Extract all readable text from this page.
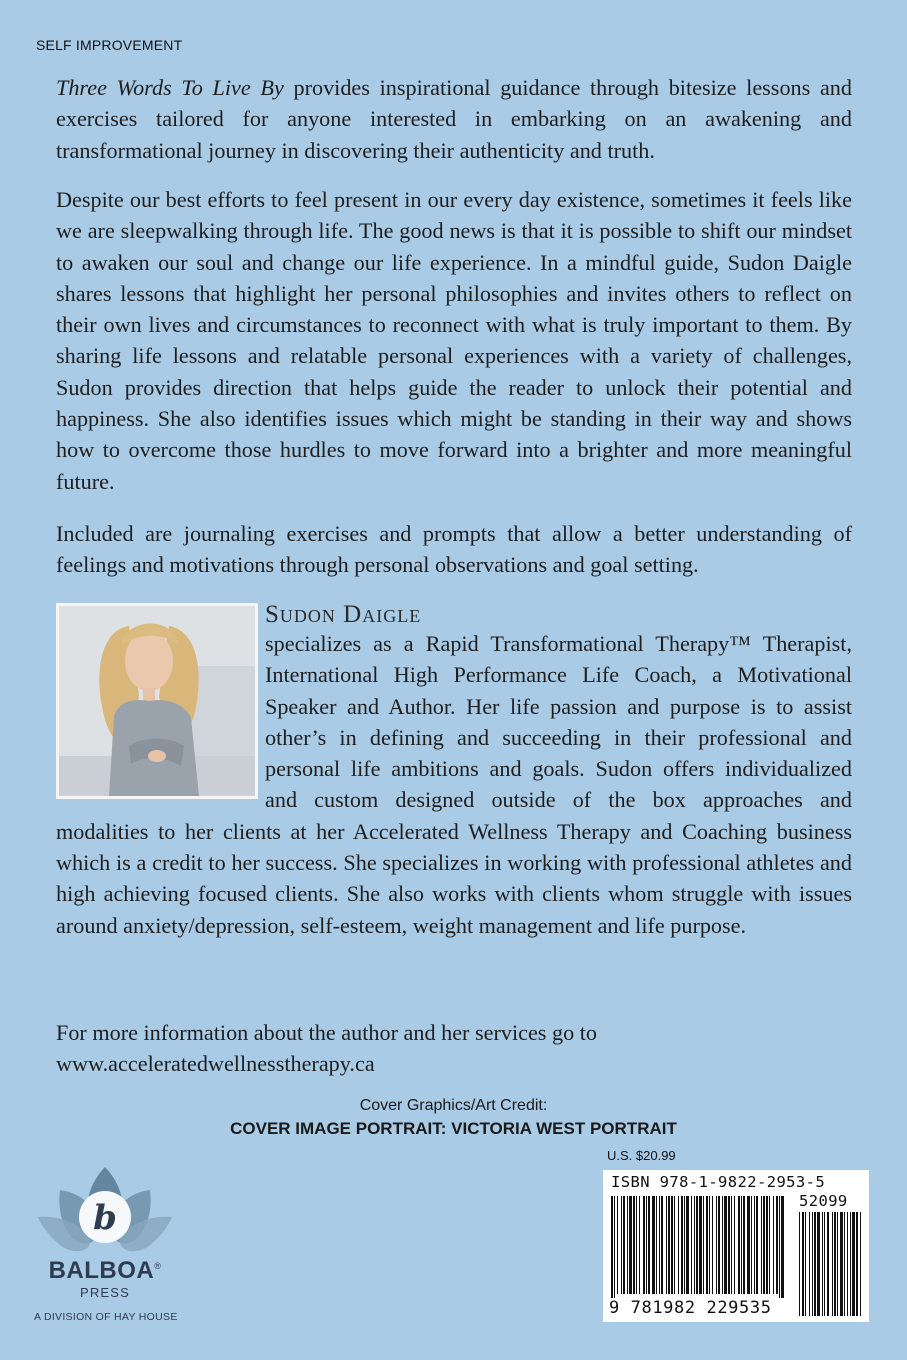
SELF IMPROVEMENT

Three Words To Live By provides inspirational guidance through bitesize lessons and exercises tailored for anyone interested in embarking on an awakening and transformational journey in discovering their authenticity and truth.

Despite our best efforts to feel present in our every day existence, sometimes it feels like we are sleepwalking through life. The good news is that it is possible to shift our mindset to awaken our soul and change our life experience. In a mindful guide, Sudon Daigle shares lessons that highlight her personal philosophies and invites others to reflect on their own lives and circumstances to reconnect with what is truly important to them. By sharing life lessons and relatable personal experiences with a variety of challenges, Sudon provides direction that helps guide the reader to unlock their potential and happiness. She also identifies issues which might be standing in their way and shows how to overcome those hurdles to move forward into a brighter and more meaningful future.

Included are journaling exercises and prompts that allow a better understanding of feelings and motivations through personal observations and goal setting.

Sudon Daigle

specializes as a Rapid Transformational Therapy™ Therapist, International High Performance Life Coach, a Motivational Speaker and Author. Her life passion and purpose is to assist other’s in defining and succeeding in their professional and personal life ambitions and goals. Sudon offers individualized and custom designed outside of the box approaches and modalities to her clients at her Accelerated Wellness Therapy and Coaching business which is a credit to her success. She specializes in working with professional athletes and high achieving focused clients. She also works with clients whom struggle with issues around anxiety/depression, self-esteem, weight management and life purpose.

For more information about the author and her services go to
www.acceleratedwellnesstherapy.ca
Cover Graphics/Art Credit:
COVER IMAGE PORTRAIT: VICTORIA WEST PORTRAIT
U.S. $20.99
ISBN 978-1-9822-2953-5
52099
9 781982 229535
b
BALBOA®
PRESS
A DIVISION OF HAY HOUSE
